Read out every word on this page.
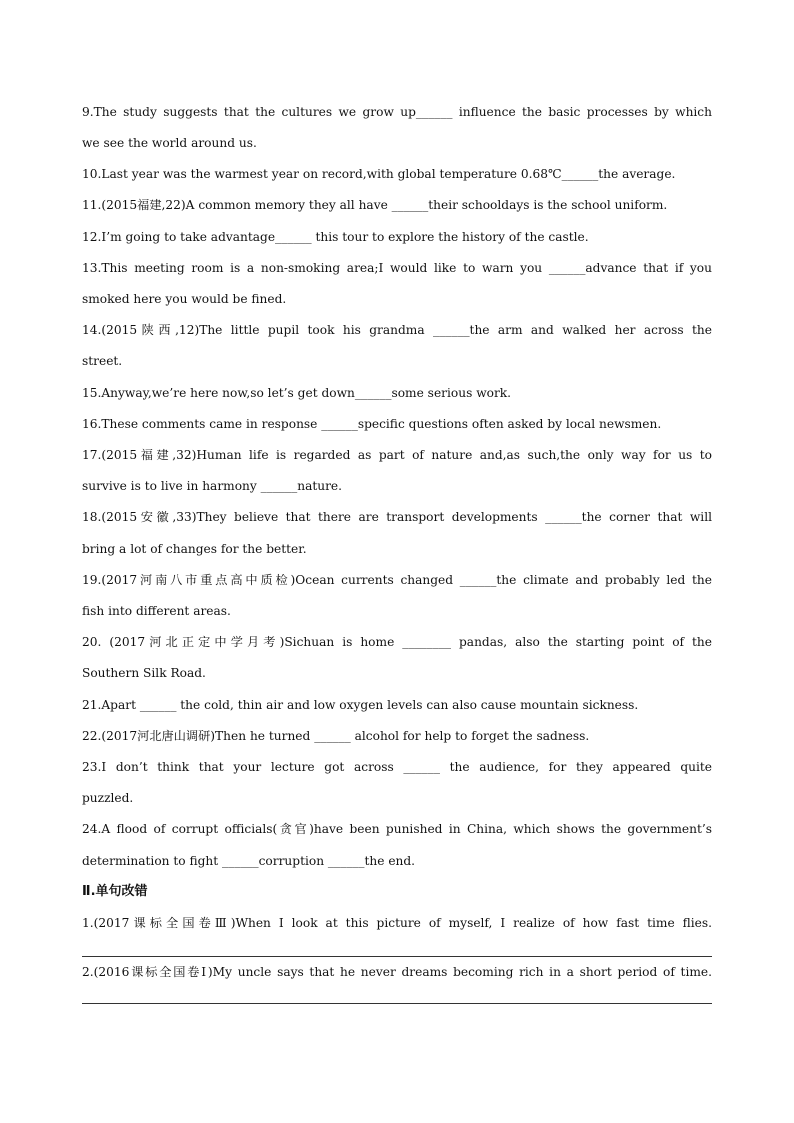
9.The study suggests that the cultures we grow up______ influence the basic processes by which
we see the world around us.
10.Last year was the warmest year on record,with global temperature 0.68℃______the average.
11.(2015福建,22)A common memory they all have ______their schooldays is the school uniform.
12.I’m going to take advantage______ this tour to explore the history of the castle.
13.This meeting room is a non-smoking area;I would like to warn you ______advance that if you
smoked here you would be fined.
14.(2015陕西,12)The little pupil took his grandma ______the arm and walked her across the
street.
15.Anyway,we’re here now,so let’s get down______some serious work.
16.These comments came in response ______specific questions often asked by local newsmen.
17.(2015福建,32)Human life is regarded as part of nature and,as such,the only way for us to
survive is to live in harmony ______nature.
18.(2015安徽,33)They believe that there are transport developments ______the corner that will
bring a lot of changes for the better.
19.(2017河南八市重点高中质检)Ocean currents changed ______the climate and probably led the
fish into different areas.
20. (2017河北正定中学月考)Sichuan is home ________ pandas, also the starting point of the
Southern Silk Road.
21.Apart ______ the cold, thin air and low oxygen levels can also cause mountain sickness.
22.(2017河北唐山调研)Then he turned ______ alcohol for help to forget the sadness.
23.I don’t think that your lecture got across ______ the audience, for they appeared quite
puzzled.
24.A flood of corrupt officials(贪官)have been punished in China, which shows the government’s
determination to fight ______corruption ______the end.
Ⅱ.单句改错
1.(2017课标全国卷Ⅲ)When I look at this picture of myself, I realize of how fast time flies.
2.(2016课标全国卷Ⅰ)My uncle says that he never dreams becoming rich in a short period of time.
